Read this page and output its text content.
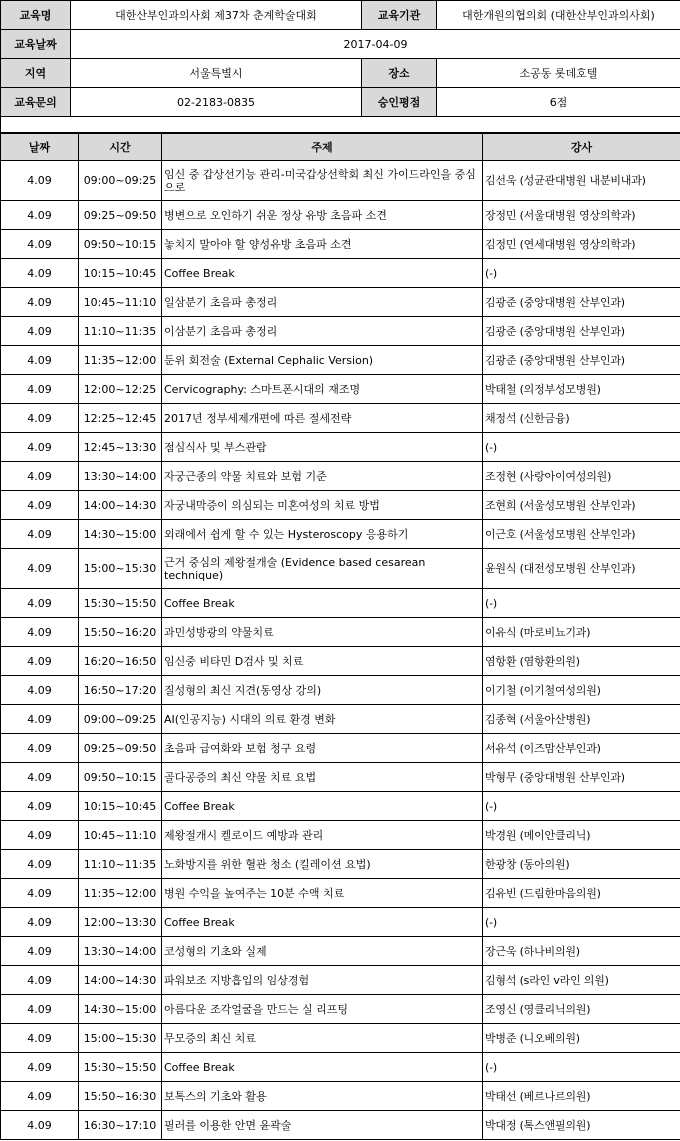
교육명	대한산부인과의사회 제37차 춘계학술대회	교육기관	대한개원의협의회 (대한산부인과의사회)
교육날짜	2017-04-09		
지역	서울특별시	장소	소공동 롯데호텔
교육문의	02-2183-0835	승인평점	6점

날짜	시간	주제	강사
4.09	09:00~09:25	임신 중 갑상선기능 관리-미국갑상선학회 최신 가이드라인을 중심으로	김선욱 (성균관대병원 내분비내과)
4.09	09:25~09:50	병변으로 오인하기 쉬운 정상 유방 초음파 소견	장정민 (서울대병원 영상의학과)
4.09	09:50~10:15	놓치지 말아야 할 양성유방 초음파 소견	김정민 (연세대병원 영상의학과)
4.09	10:15~10:45	Coffee Break	(-)
4.09	10:45~11:10	일삼분기 초음파 총정리	김광준 (중앙대병원 산부인과)
4.09	11:10~11:35	이삼분기 초음파 총정리	김광준 (중앙대병원 산부인과)
4.09	11:35~12:00	둔위 회전술 (External Cephalic Version)	김광준 (중앙대병원 산부인과)
4.09	12:00~12:25	Cervicography: 스마트폰시대의 재조명	박태철 (의정부성모병원)
4.09	12:25~12:45	2017년 정부세제개편에 따른 절세전략	채정석 (신한금융)
4.09	12:45~13:30	점심식사 및 부스관람	(-)
4.09	13:30~14:00	자궁근종의 약물 치료와 보험 기준	조정현 (사랑아이여성의원)
4.09	14:00~14:30	자궁내막증이 의심되는 미혼여성의 치료 방법	조현희 (서울성모병원 산부인과)
4.09	14:30~15:00	외래에서 쉽게 할 수 있는 Hysteroscopy 응용하기	이근호 (서울성모병원 산부인과)
4.09	15:00~15:30	근거 중심의 제왕절개술 (Evidence based cesarean technique)	윤원식 (대전성모병원 산부인과)
4.09	15:30~15:50	Coffee Break	(-)
4.09	15:50~16:20	과민성방광의 약물치료	이유식 (마로비뇨기과)
4.09	16:20~16:50	임신중 비타민 D검사 및 치료	염항환 (염항환의원)
4.09	16:50~17:20	질성형의 최신 지견(동영상 강의)	이기철 (이기철여성의원)
4.09	09:00~09:25	AI(인공지능) 시대의 의료 환경 변화	김종혁 (서울아산병원)
4.09	09:25~09:50	초음파 급여화와 보험 청구 요령	서유석 (이즈맘산부인과)
4.09	09:50~10:15	골다공증의 최신 약물 치료 요법	박형무 (중앙대병원 산부인과)
4.09	10:15~10:45	Coffee Break	(-)
4.09	10:45~11:10	제왕절개시 켈로이드 예방과 관리	박경원 (메이안클리닉)
4.09	11:10~11:35	노화방지를 위한 혈관 청소 (킬레이션 요법)	한광창 (동아의원)
4.09	11:35~12:00	병원 수익을 높여주는 10분 수액 치료	김유빈 (드림한마음의원)
4.09	12:00~13:30	Coffee Break	(-)
4.09	13:30~14:00	코성형의 기초와 실제	장근욱 (하나비의원)
4.09	14:00~14:30	파워보조 지방흡입의 임상경험	김형석 (s라인 v라인 의원)
4.09	14:30~15:00	아름다운 조각얼굴을 만드는 실 리프팅	조영신 (영클리닉의원)
4.09	15:00~15:30	무모증의 최신 치료	박병준 (니오베의원)
4.09	15:30~15:50	Coffee Break	(-)
4.09	15:50~16:30	보톡스의 기초와 활용	박태선 (베르나르의원)
4.09	16:30~17:10	필러를 이용한 안면 윤곽술	박대정 (톡스앤필의원)
